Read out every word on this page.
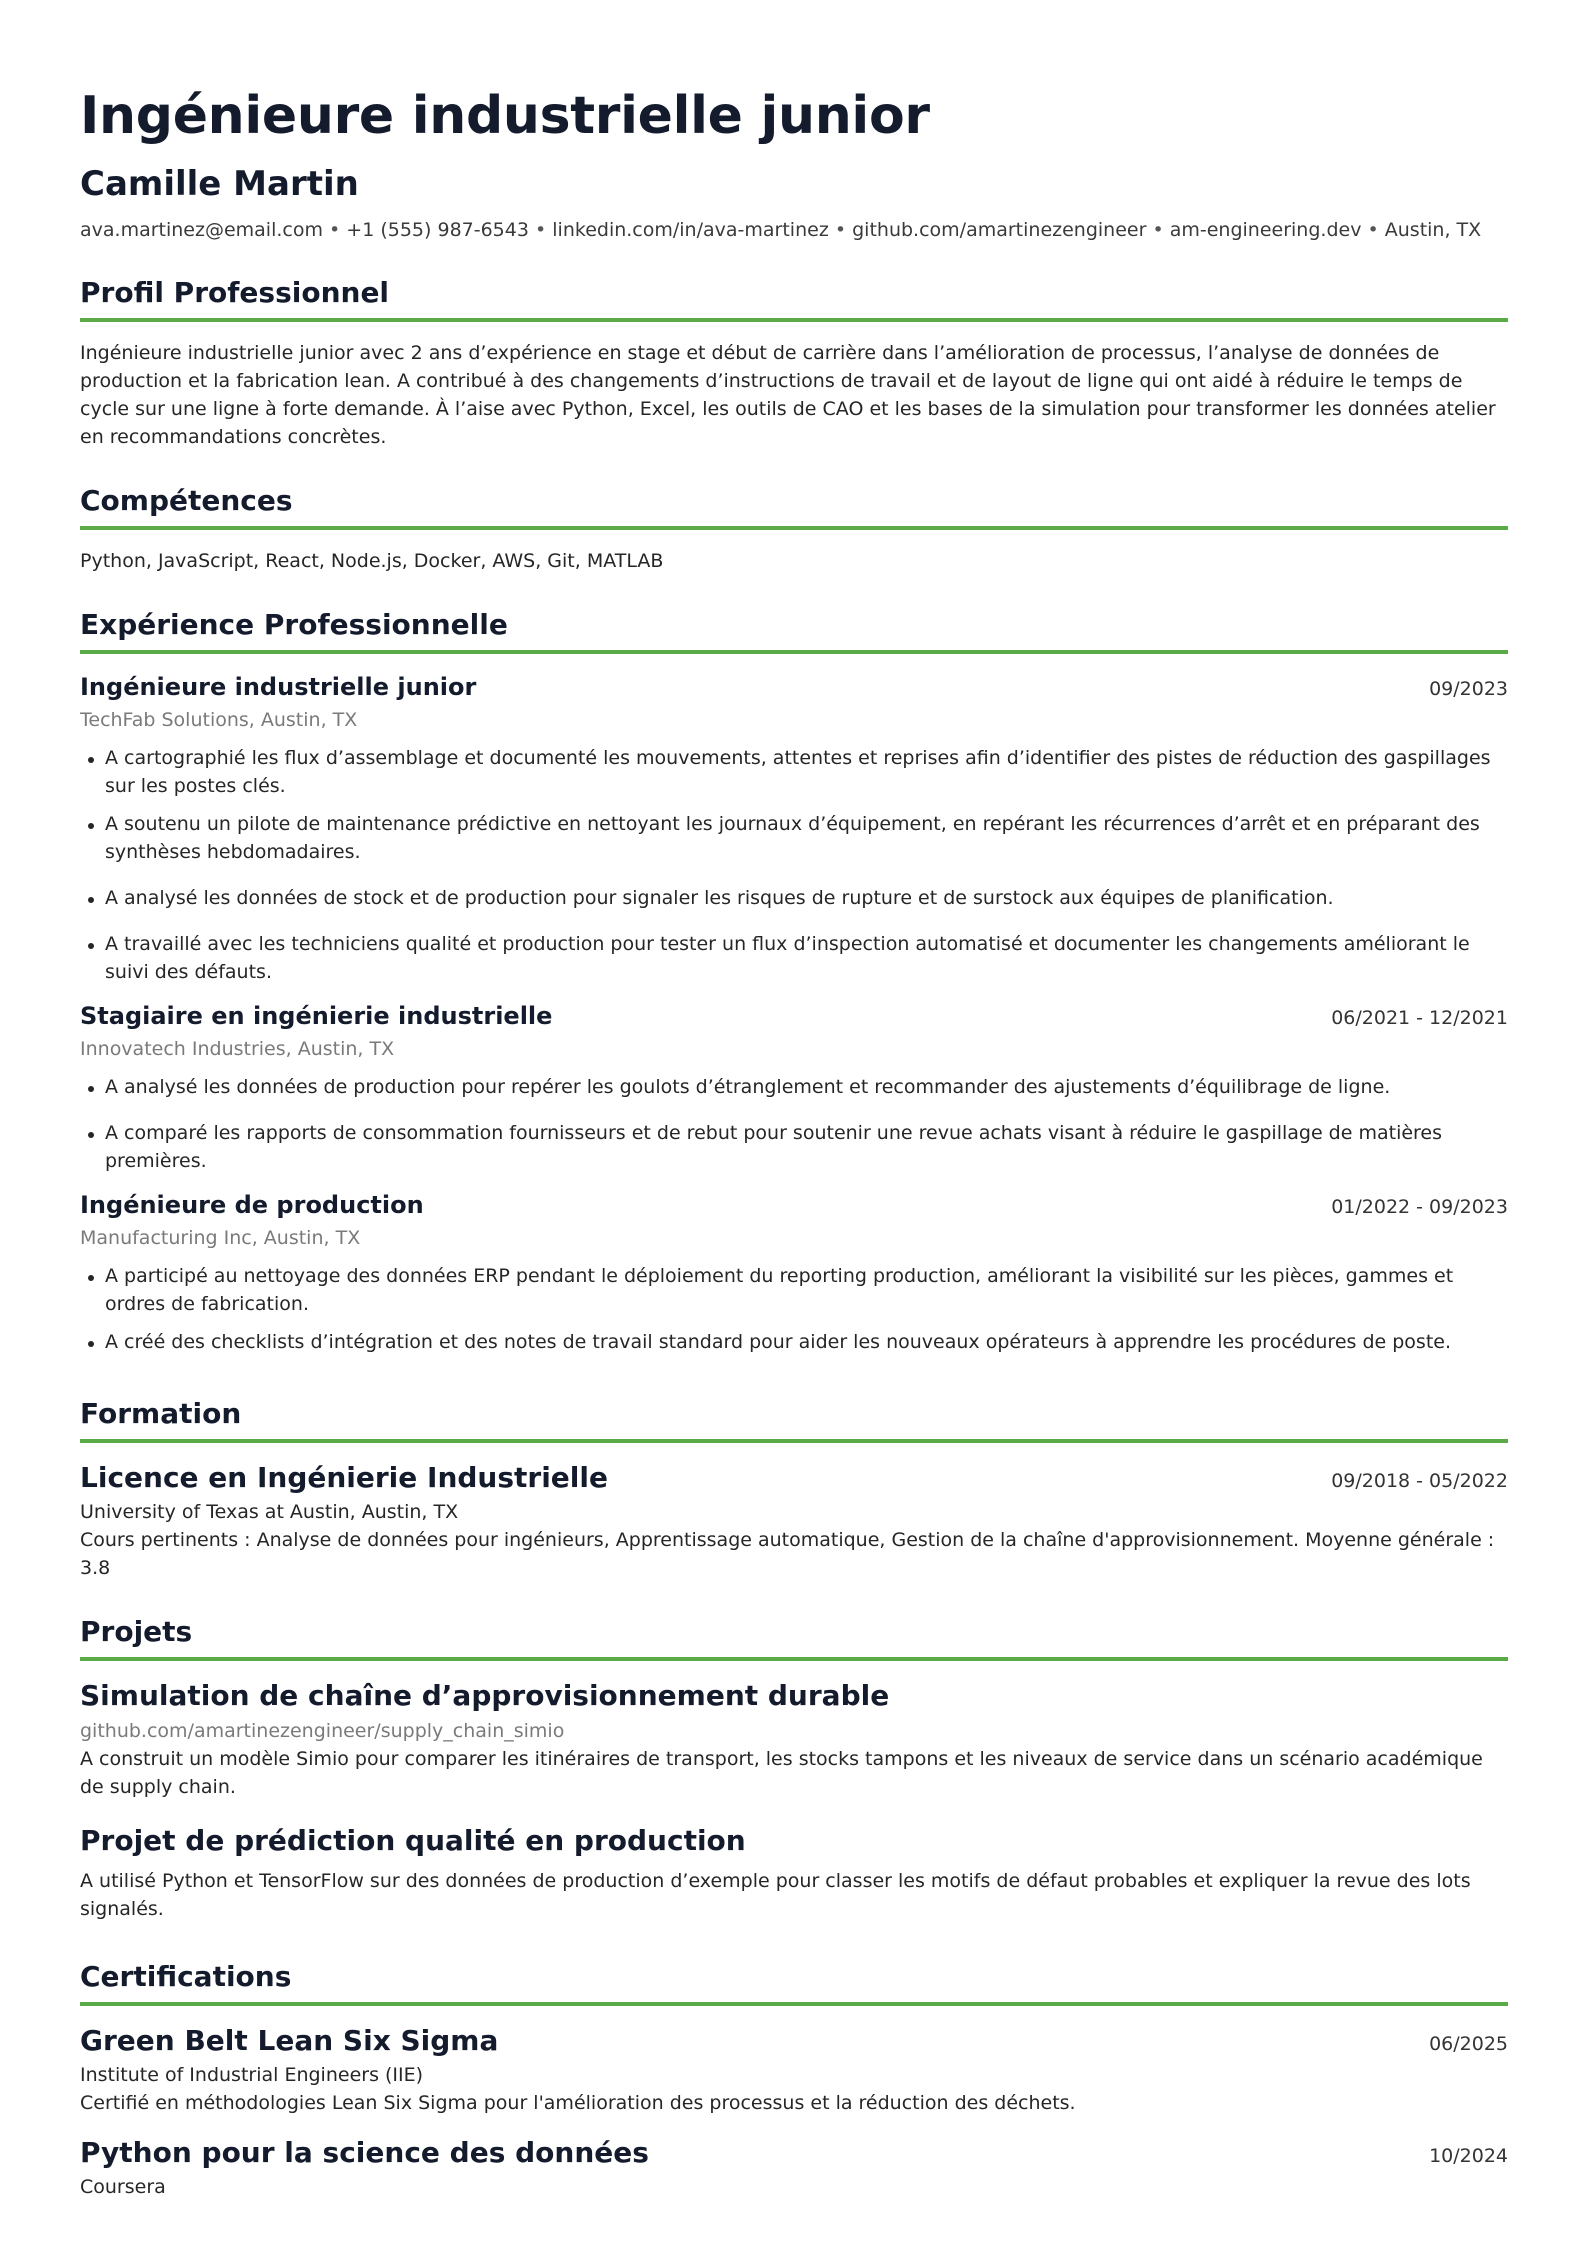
Ingénieure industrielle junior
Camille Martin
ava.martinez@email.com • +1 (555) 987-6543 • linkedin.com/in/ava-martinez • github.com/amartinezengineer • am-engineering.dev • Austin, TX
Profil Professionnel

Ingénieure industrielle junior avec 2 ans d’expérience en stage et début de carrière dans l’amélioration de processus, l’analyse de données de production et la fabrication lean. A contribué à des changements d’instructions de travail et de layout de ligne qui ont aidé à réduire le temps de cycle sur une ligne à forte demande. À l’aise avec Python, Excel, les outils de CAO et les bases de la simulation pour transformer les données atelier en recommandations concrètes.

Compétences

Python, JavaScript, React, Node.js, Docker, AWS, Git, MATLAB

Expérience Professionnelle
Ingénieure industrielle junior	09/2023
TechFab Solutions, Austin, TX
A cartographié les flux d’assemblage et documenté les mouvements, attentes et reprises afin d’identifier des pistes de réduction des gaspillages sur les postes clés.
A soutenu un pilote de maintenance prédictive en nettoyant les journaux d’équipement, en repérant les récurrences d’arrêt et en préparant des synthèses hebdomadaires.
A analysé les données de stock et de production pour signaler les risques de rupture et de surstock aux équipes de planification.
A travaillé avec les techniciens qualité et production pour tester un flux d’inspection automatisé et documenter les changements améliorant le suivi des défauts.
Stagiaire en ingénierie industrielle	06/2021 - 12/2021
Innovatech Industries, Austin, TX
A analysé les données de production pour repérer les goulots d’étranglement et recommander des ajustements d’équilibrage de ligne.
A comparé les rapports de consommation fournisseurs et de rebut pour soutenir une revue achats visant à réduire le gaspillage de matières premières.
Ingénieure de production	01/2022 - 09/2023
Manufacturing Inc, Austin, TX
A participé au nettoyage des données ERP pendant le déploiement du reporting production, améliorant la visibilité sur les pièces, gammes et ordres de fabrication.
A créé des checklists d’intégration et des notes de travail standard pour aider les nouveaux opérateurs à apprendre les procédures de poste.
Formation
Licence en Ingénierie Industrielle	09/2018 - 05/2022
University of Texas at Austin, Austin, TX

Cours pertinents : Analyse de données pour ingénieurs, Apprentissage automatique, Gestion de la chaîne d'approvisionnement. Moyenne générale : 3.8

Projets
Simulation de chaîne d’approvisionnement durable
github.com/amartinezengineer/supply_chain_simio

A construit un modèle Simio pour comparer les itinéraires de transport, les stocks tampons et les niveaux de service dans un scénario académique de supply chain.

Projet de prédiction qualité en production

A utilisé Python et TensorFlow sur des données de production d’exemple pour classer les motifs de défaut probables et expliquer la revue des lots signalés.

Certifications
Green Belt Lean Six Sigma	06/2025
Institute of Industrial Engineers (IIE)

Certifié en méthodologies Lean Six Sigma pour l'amélioration des processus et la réduction des déchets.

Python pour la science des données	10/2024
Coursera
